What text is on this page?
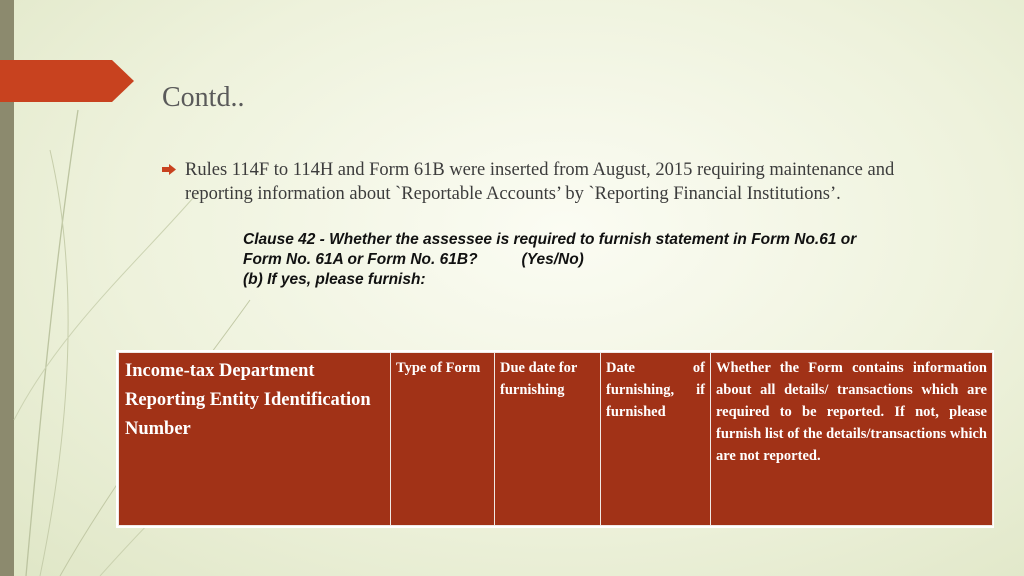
Contd..
Rules 114F to 114H and Form 61B were inserted from August, 2015 requiring maintenance and reporting information about `Reportable Accounts’ by `Reporting Financial Institutions’.
Clause 42 - Whether the assessee is required to furnish statement in Form No.61 or
Form No. 61A or Form No. 61B?	(Yes/No)
(b) If yes, please furnish:
Income-tax Department Reporting Entity Identification Number	Type of Form	Due date for furnishing	Date of furnishing, if furnished	Whether the Form contains information about all details/ transactions which are required to be reported. If not, please furnish list of the details/transactions which are not reported.
